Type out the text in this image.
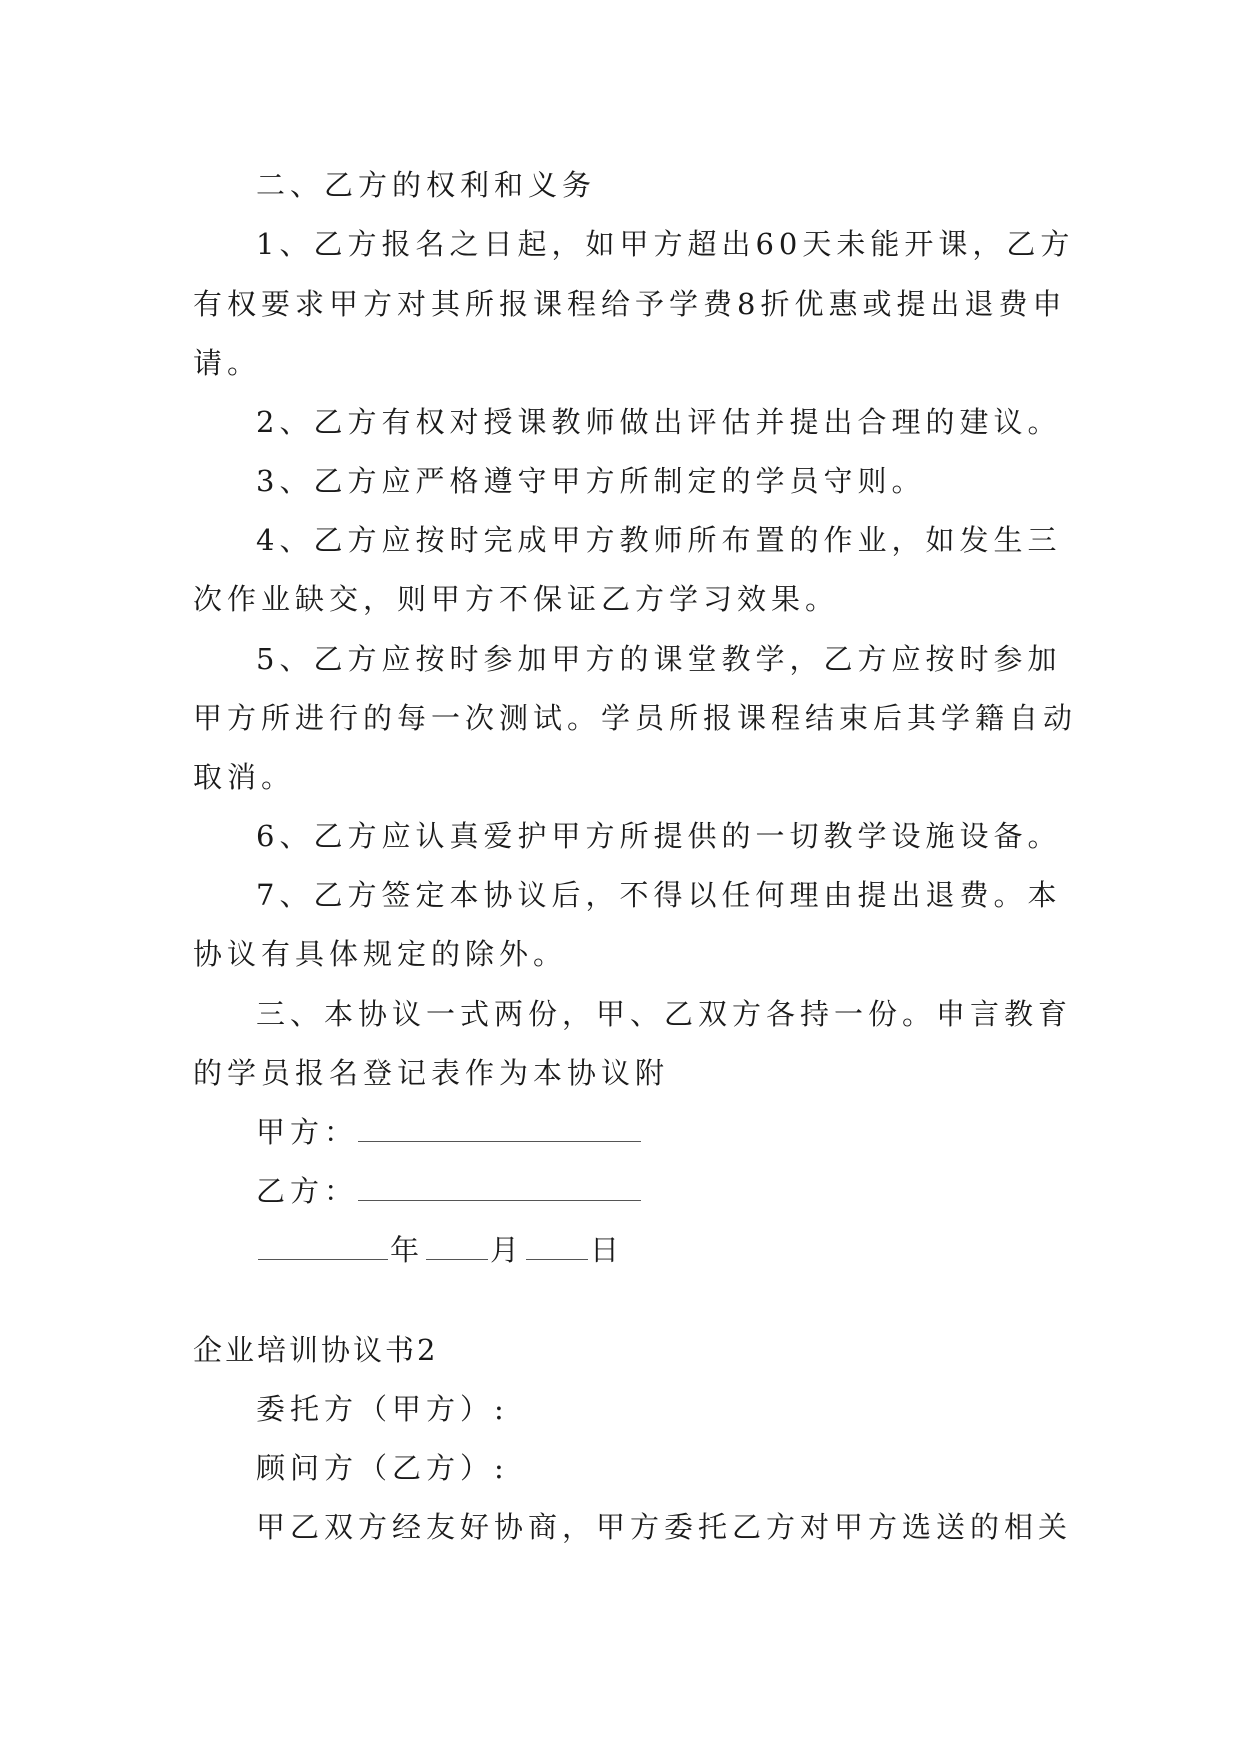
二、乙方的权利和义务
1、乙方报名之日起，如甲方超出60天未能开课，乙方
有权要求甲方对其所报课程给予学费8折优惠或提出退费申
请。
2、乙方有权对授课教师做出评估并提出合理的建议。
3、乙方应严格遵守甲方所制定的学员守则。
4、乙方应按时完成甲方教师所布置的作业，如发生三
次作业缺交，则甲方不保证乙方学习效果。
5、乙方应按时参加甲方的课堂教学，乙方应按时参加
甲方所进行的每一次测试。学员所报课程结束后其学籍自动
取消。
6、乙方应认真爱护甲方所提供的一切教学设施设备。
7、乙方签定本协议后，不得以任何理由提出退费。本
协议有具体规定的除外。
三、本协议一式两份，甲、乙双方各持一份。申言教育
的学员报名登记表作为本协议附
甲方：
乙方：
年 月 日
企业培训协议书2
委托方（甲方）:
顾问方（乙方）:
甲乙双方经友好协商，甲方委托乙方对甲方选送的相关
